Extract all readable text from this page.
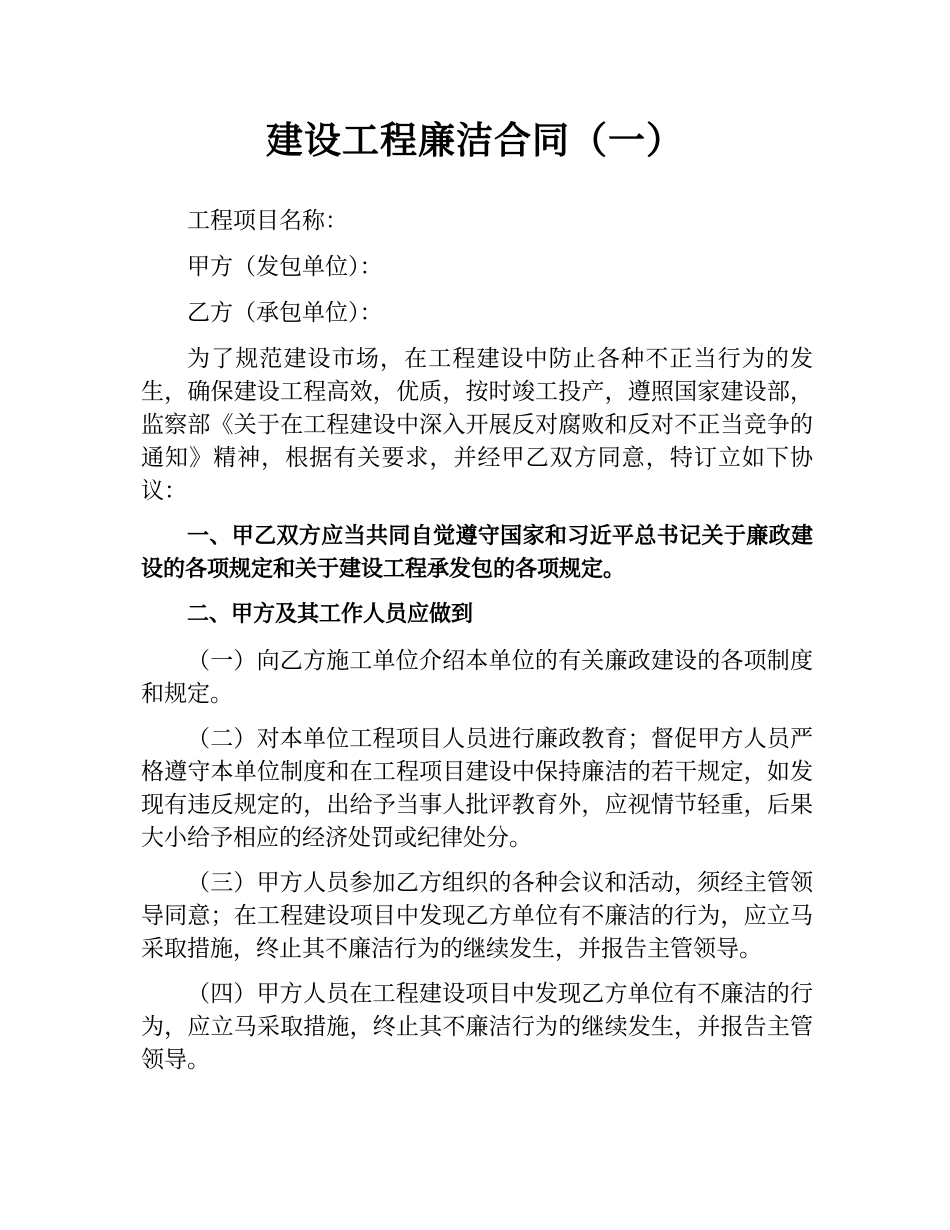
建设工程廉洁合同（一）

工程项目名称：

甲方（发包单位）：

乙方（承包单位）：

为了规范建设市场，在工程建设中防止各种不正当行为的发生，确保建设工程高效，优质，按时竣工投产，遵照国家建设部，监察部《关于在工程建设中深入开展反对腐败和反对不正当竞争的通知》精神，根据有关要求，并经甲乙双方同意，特订立如下协议：

一、甲乙双方应当共同自觉遵守国家和习近平总书记关于廉政建设的各项规定和关于建设工程承发包的各项规定。

二、甲方及其工作人员应做到

（一）向乙方施工单位介绍本单位的有关廉政建设的各项制度和规定。

（二）对本单位工程项目人员进行廉政教育；督促甲方人员严格遵守本单位制度和在工程项目建设中保持廉洁的若干规定，如发现有违反规定的，出给予当事人批评教育外，应视情节轻重，后果大小给予相应的经济处罚或纪律处分。

（三）甲方人员参加乙方组织的各种会议和活动，须经主管领导同意；在工程建设项目中发现乙方单位有不廉洁的行为，应立马采取措施，终止其不廉洁行为的继续发生，并报告主管领导。

（四）甲方人员在工程建设项目中发现乙方单位有不廉洁的行为，应立马采取措施，终止其不廉洁行为的继续发生，并报告主管领导。
